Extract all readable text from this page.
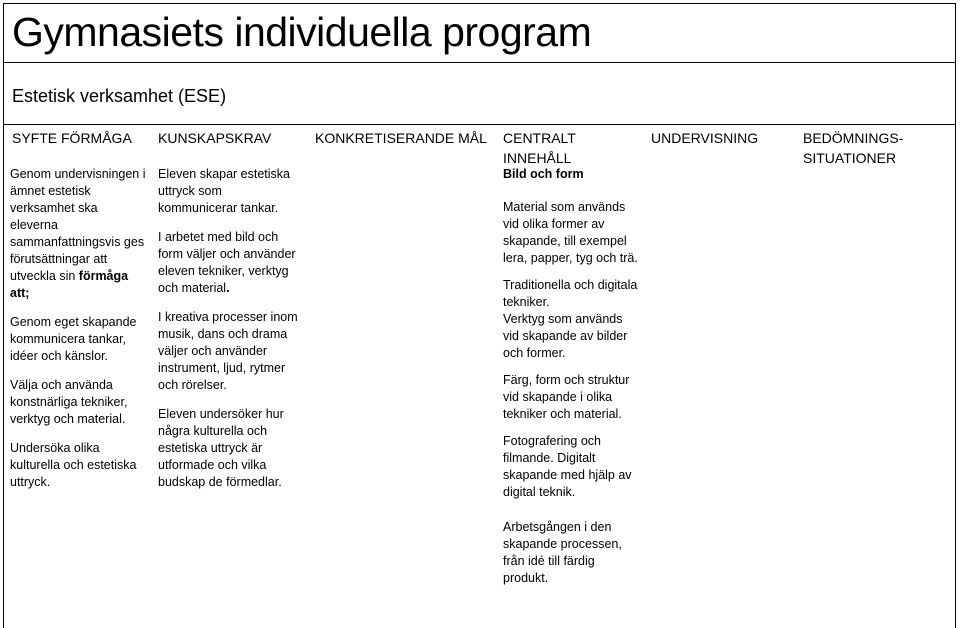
Gymnasiets individuella program
Estetisk verksamhet (ESE)
SYFTE FÖRMÅGA KUNSKAPSKRAV	KONKRETISERANDE MÅL CENTRALT
INNEHÅLL
UNDERVISNING	BEDÖMNINGS-
SITUATIONER

Genom undervisningen i ämnet estetisk verksamhet ska eleverna sammanfattningsvis ges förutsättningar att utveckla sin förmåga att;

Genom eget skapande kommunicera tankar, idéer och känslor.

Välja och använda konstnärliga tekniker, verktyg och material.

Undersöka olika kulturella och estetiska uttryck.

Eleven skapar estetiska uttryck som kommunicerar tankar.

I arbetet med bild och form väljer och använder eleven tekniker, verktyg och material.

I kreativa processer inom musik, dans och drama väljer och använder instrument, ljud, rytmer och rörelser.

Eleven undersöker hur några kulturella och estetiska uttryck är utformade och vilka budskap de förmedlar.

Bild och form

Material som används vid olika former av skapande, till exempel lera, papper, tyg och trä.

Traditionella och digitala tekniker.

Verktyg som används vid skapande av bilder och former.

Färg, form och struktur vid skapande i olika tekniker och material.

Fotografering och filmande. Digitalt skapande med hjälp av digital teknik.

Arbetsgången i den skapande processen, från idé till färdig produkt.
